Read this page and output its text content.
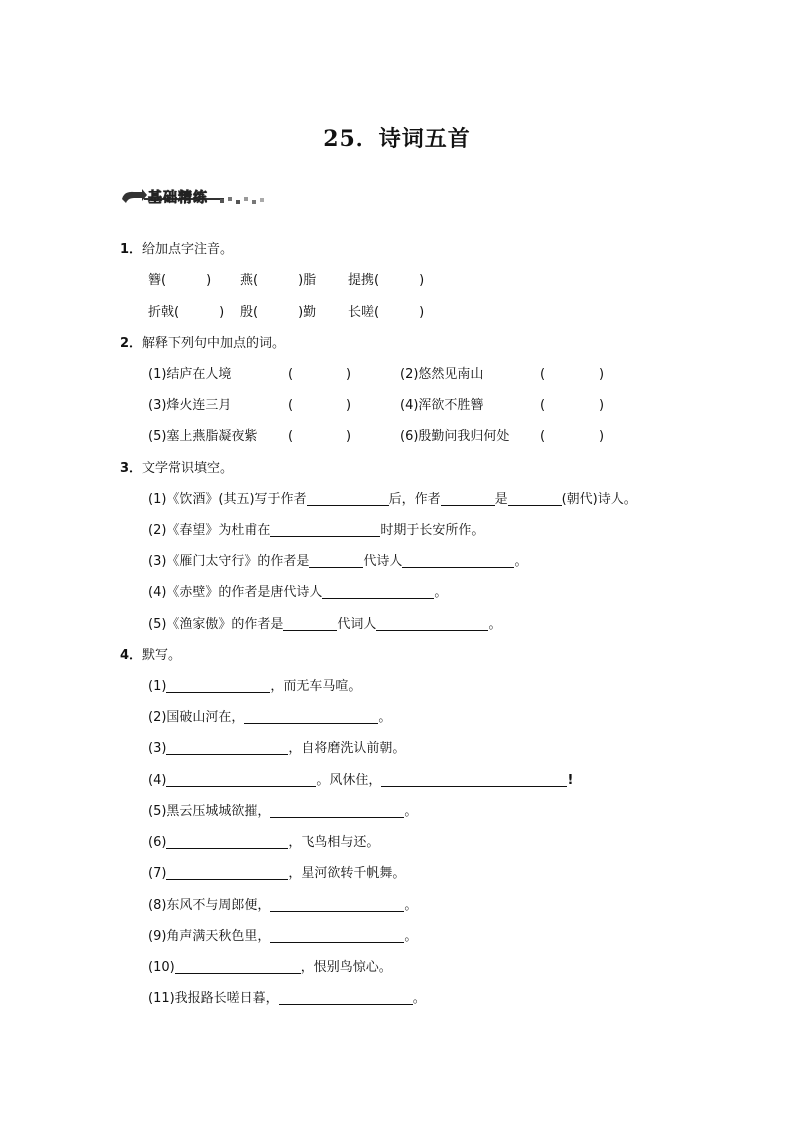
25．诗词五首
基础精练
1．给加点字注音。
簪(	) 燕(	)脂 提携(	)
折戟(	) 殷(	)勤 长嗟(	)
2．解释下列句中加点的词。
(1)结庐在人境	(	)	(2)悠然见南山	(	)
(3)烽火连三月	(	)	(4)浑欲不胜簪	(	)
(5)塞上燕脂凝夜紫 (	)	(6)殷勤问我归何处 (	)
3．文学常识填空。
(1)《饮酒》(其五)写于作者	后，作者	是	(朝代)诗人。
(2)《春望》为杜甫在	时期于长安所作。
(3)《雁门太守行》的作者是	代诗人	。
(4)《赤壁》的作者是唐代诗人	。
(5)《渔家傲》的作者是	代词人	。
4．默写。
(1)	，而无车马喧。
(2)国破山河在，	。
(3)	，自将磨洗认前朝。
(4)	。风休住，	!
(5)黑云压城城欲摧，	。
(6)	，飞鸟相与还。
(7)	，星河欲转千帆舞。
(8)东风不与周郎便，	。
(9)角声满天秋色里，	。
(10)	，恨别鸟惊心。
(11)我报路长嗟日暮，	。
